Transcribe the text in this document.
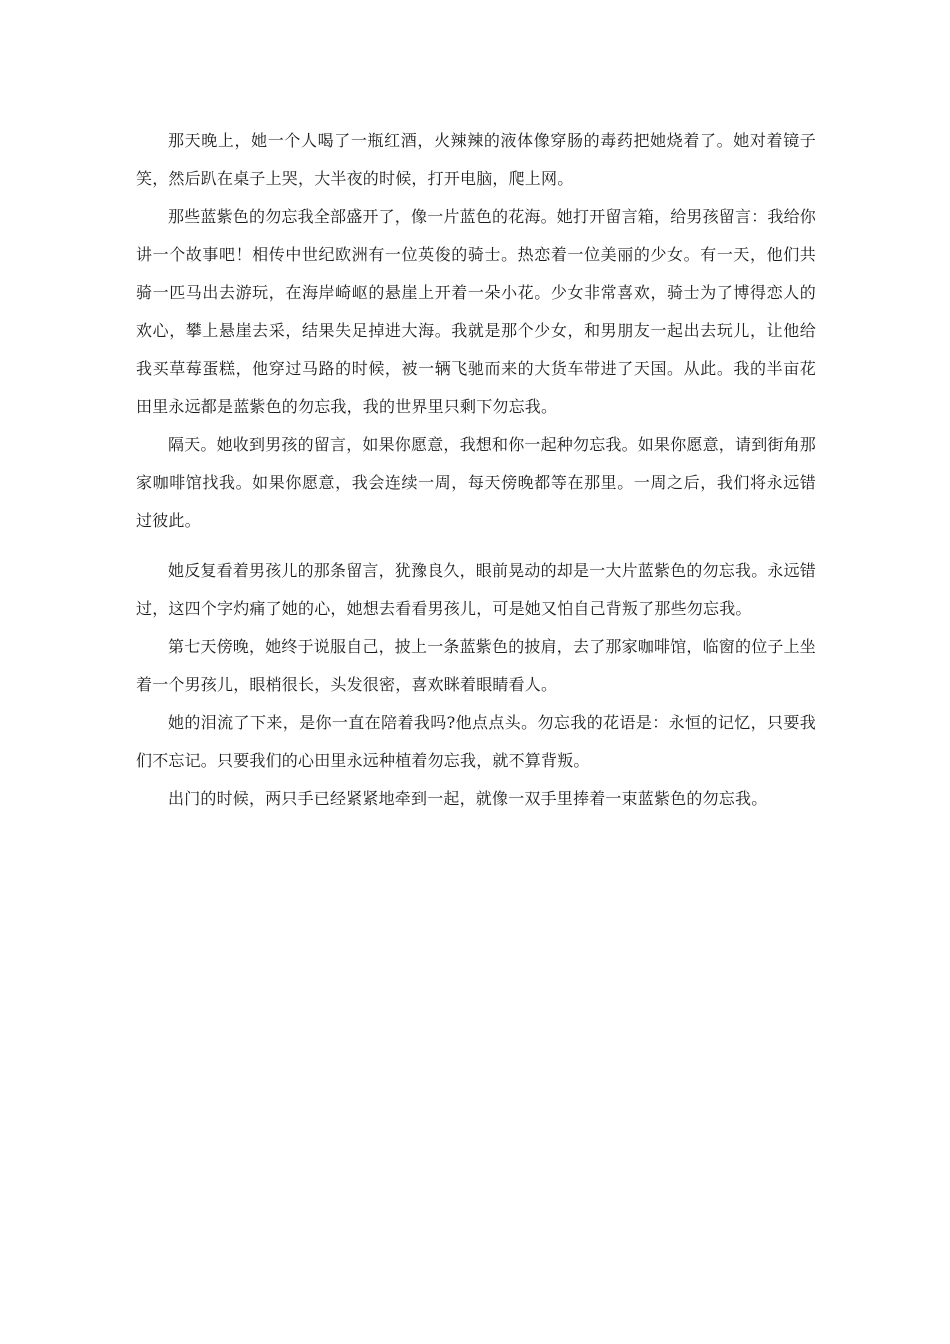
那天晚上，她一个人喝了一瓶红酒，火辣辣的液体像穿肠的毒药把她烧着了。她对着镜子笑，然后趴在桌子上哭，大半夜的时候，打开电脑，爬上网。

那些蓝紫色的勿忘我全部盛开了，像一片蓝色的花海。她打开留言箱，给男孩留言：我给你讲一个故事吧！相传中世纪欧洲有一位英俊的骑士。热恋着一位美丽的少女。有一天，他们共骑一匹马出去游玩，在海岸崎岖的悬崖上开着一朵小花。少女非常喜欢，骑士为了博得恋人的欢心，攀上悬崖去采，结果失足掉进大海。我就是那个少女，和男朋友一起出去玩儿，让他给我买草莓蛋糕，他穿过马路的时候，被一辆飞驰而来的大货车带进了天国。从此。我的半亩花田里永远都是蓝紫色的勿忘我，我的世界里只剩下勿忘我。

隔天。她收到男孩的留言，如果你愿意，我想和你一起种勿忘我。如果你愿意，请到街角那家咖啡馆找我。如果你愿意，我会连续一周，每天傍晚都等在那里。一周之后，我们将永远错过彼此。

她反复看着男孩儿的那条留言，犹豫良久，眼前晃动的却是一大片蓝紫色的勿忘我。永远错过，这四个字灼痛了她的心，她想去看看男孩儿，可是她又怕自己背叛了那些勿忘我。

第七天傍晚，她终于说服自己，披上一条蓝紫色的披肩，去了那家咖啡馆，临窗的位子上坐着一个男孩儿，眼梢很长，头发很密，喜欢眯着眼睛看人。

她的泪流了下来，是你一直在陪着我吗?他点点头。勿忘我的花语是：永恒的记忆，只要我们不忘记。只要我们的心田里永远种植着勿忘我，就不算背叛。

出门的时候，两只手已经紧紧地牵到一起，就像一双手里捧着一束蓝紫色的勿忘我。
